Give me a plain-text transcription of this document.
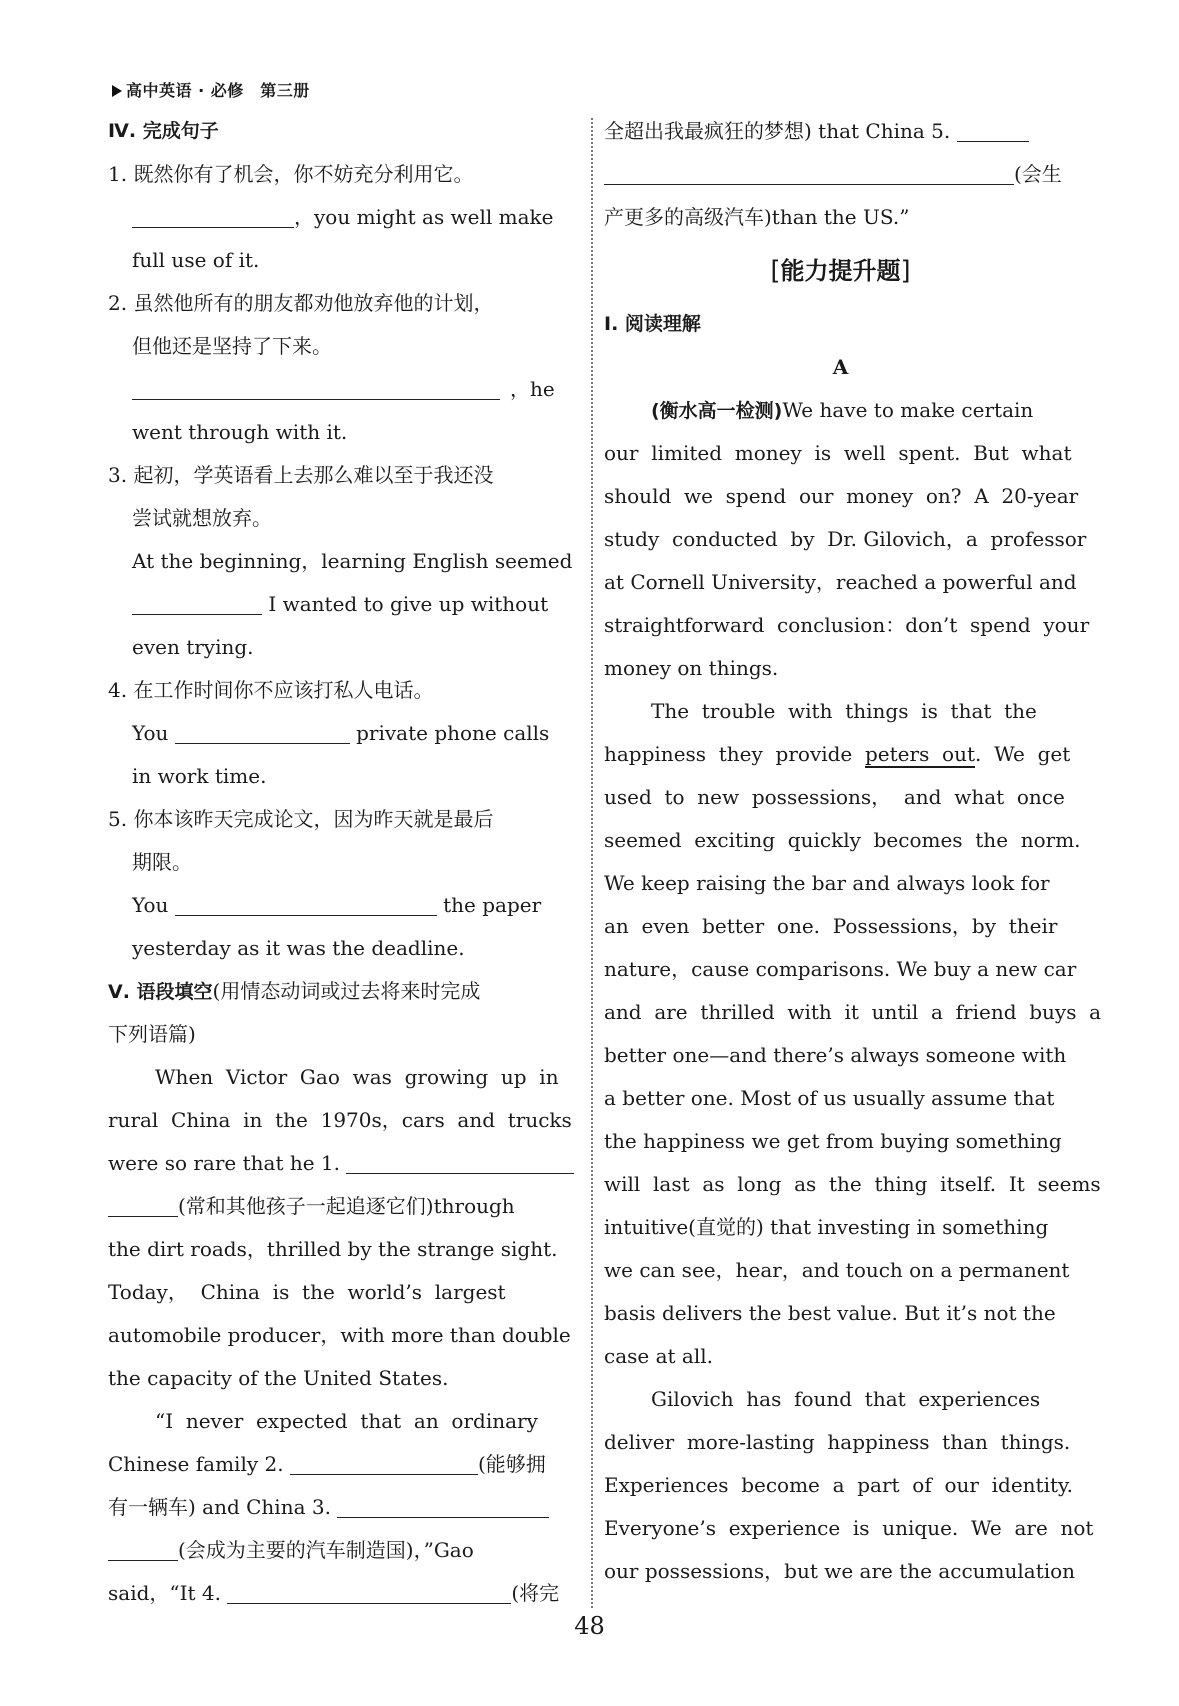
高中英语 · 必修　第三册
Ⅳ. 完成句子
1. 既然你有了机会，你不妨充分利用它。
，you might as well make
full use of it.
2. 虽然他所有的朋友都劝他放弃他的计划，
但他还是坚持了下来。
，he
went through with it.
3. 起初，学英语看上去那么难以至于我还没
尝试就想放弃。
At the beginning，learning English seemed
I wanted to give up without
even trying.
4. 在工作时间你不应该打私人电话。
You	private phone calls
in work time.
5. 你本该昨天完成论文，因为昨天就是最后
期限。
You	the paper
yesterday as it was the deadline.
Ⅴ. 语段填空(用情态动词或过去将来时完成
下列语篇)
When  Victor  Gao  was  growing  up  in
rural  China  in  the  1970s，cars  and  trucks
were so rare that he 1.
(常和其他孩子一起追逐它们)through
the dirt roads，thrilled by the strange sight.
Today，  China  is  the  world’s  largest
automobile producer，with more than double
the capacity of the United States.
“I  never  expected  that  an  ordinary
Chinese family 2.	(能够拥
有一辆车) and China 3.
(会成为主要的汽车制造国)，”Gao
said，“It 4.	(将完
全超出我最疯狂的梦想) that China 5.
(会生
产更多的高级汽车)than the US.”
[能力提升题]
Ⅰ. 阅读理解
A
(衡水高一检测)We have to make certain
our  limited  money  is  well  spent.  But  what
should  we  spend  our  money  on?  A  20-year
study  conducted  by  Dr. Gilovich，a  professor
at Cornell University，reached a powerful and
straightforward  conclusion：don’t  spend  your
money on things.
The  trouble  with  things  is  that  the
happiness  they  provide peters  out.  We  get
used  to  new  possessions，  and  what  once
seemed  exciting  quickly  becomes  the  norm.
We keep raising the bar and always look for
an  even  better  one.  Possessions，by  their
nature，cause comparisons. We buy a new car
and  are  thrilled  with  it  until  a  friend  buys  a
better one—and there’s always someone with
a better one. Most of us usually assume that
the happiness we get from buying something
will  last  as  long  as  the  thing  itself.  It  seems
intuitive(直觉的) that investing in something
we can see，hear，and touch on a permanent
basis delivers the best value. But it’s not the
case at all.
Gilovich  has  found  that  experiences
deliver  more-lasting  happiness  than  things.
Experiences  become  a  part  of  our  identity.
Everyone’s  experience  is  unique.  We  are  not
our possessions，but we are the accumulation
48
